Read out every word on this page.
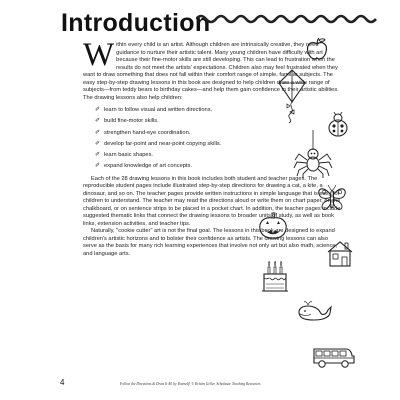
Introduction

Within every child is an artist. Although children are intrinsically creative, they need guidance to nurture their artistic talent. Many young children have difficulty with art because their fine-motor skills are still developing. This can lead to frustration when the results do not meet the artists' expectations. Children also may feel frustrated when they want to draw something that does not fall within their comfort range of simple, familiar subjects. The easy step-by-step drawing lessons in this book are designed to help children draw a wide range of subjects—from teddy bears to birthday cakes—and help them gain confidence in their artistic abilities. The drawing lessons also help children:

✐ learn to follow visual and written directions.
✐ build fine-motor skills.
✐ strengthen hand-eye coordination.
✐ develop far-point and near-point copying skills.
✐ learn basic shapes.
✐ expand knowledge of art concepts.

Each of the 28 drawing lessons in this book includes both student and teacher pages. The reproducible student pages include illustrated step-by-step directions for drawing a cat, a kite, a dinosaur, and so on. The teacher pages provide written instructions in simple language that is easy for children to understand. The teacher may read the directions aloud or write them on chart paper, on the chalkboard, or on sentence strips to be placed in a pocket chart. In addition, the teacher pages include suggested thematic links that connect the drawing lessons to broader units of study, as well as book links, extension activities, and teacher tips.

Naturally, "cookie cutter" art is not the final goal. The lessons in this book are designed to expand children's artistic horizons and to bolster their confidence as artists. The drawing lessons can also serve as the basis for many rich learning experiences that involve not only art but also math, science, and language arts.

4	Follow the Directions & Draw It All by Yourself! © Kristin Geller, Scholastic Teaching Resources
